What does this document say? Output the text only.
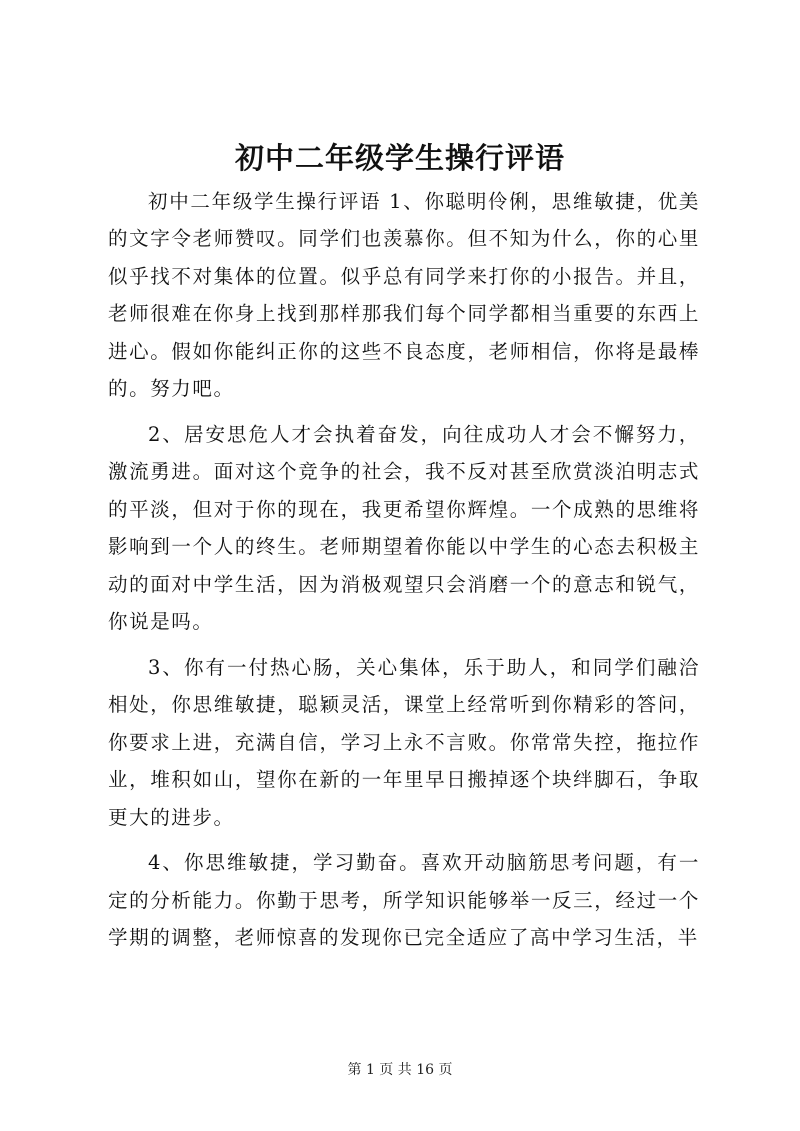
初中二年级学生操行评语

初中二年级学生操行评语 1、你聪明伶俐，思维敏捷，优美的文字令老师赞叹。同学们也羡慕你。但不知为什么，你的心里似乎找不对集体的位置。似乎总有同学来打你的小报告。并且，老师很难在你身上找到那样那我们每个同学都相当重要的东西上进心。假如你能纠正你的这些不良态度，老师相信，你将是最棒的。努力吧。

2、居安思危人才会执着奋发，向往成功人才会不懈努力，激流勇进。面对这个竞争的社会，我不反对甚至欣赏淡泊明志式的平淡，但对于你的现在，我更希望你辉煌。一个成熟的思维将影响到一个人的终生。老师期望着你能以中学生的心态去积极主动的面对中学生活，因为消极观望只会消磨一个的意志和锐气，你说是吗。

3、你有一付热心肠，关心集体，乐于助人，和同学们融洽相处，你思维敏捷，聪颖灵活，课堂上经常听到你精彩的答问，你要求上进，充满自信，学习上永不言败。你常常失控，拖拉作业，堆积如山，望你在新的一年里早日搬掉逐个块绊脚石，争取更大的进步。

4、你思维敏捷，学习勤奋。喜欢开动脑筋思考问题，有一定的分析能力。你勤于思考，所学知识能够举一反三，经过一个学期的调整，老师惊喜的发现你已完全适应了高中学习生活，半

第 1 页 共 16 页
